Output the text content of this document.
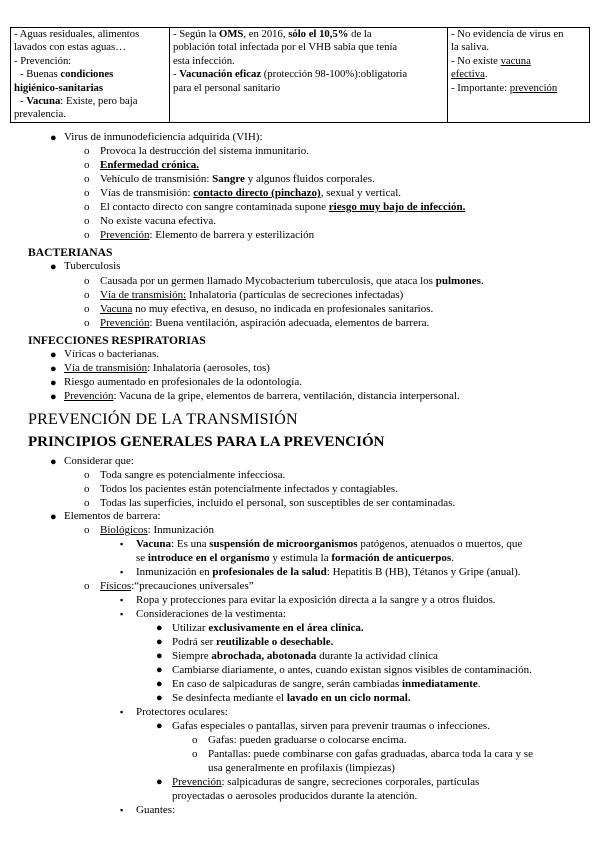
- Aguas residuales, alimentos
lavados con estas aguas…
- Prevención:
- Buenas condiciones
higiénico-sanitarias
- Vacuna: Existe, pero baja
prevalencia.

- Según la OMS, en 2016, sólo el 10,5% de la
población total infectada por el VHB sabía que tenía
esta infección.
- Vacunación eficaz (protección 98-100%):obligatoria
para el personal sanitario

- No evidencia de virus en
la saliva.
- No existe vacuna
efectiva.
- Importante: prevención
● Virus de inmunodeficiencia adquirida (VIH):
o Provoca la destrucción del sistema inmunitario.
o Enfermedad crónica.
o Vehículo de transmisión: Sangre y algunos fluidos corporales.
o Vías de transmisión: contacto directo (pinchazo), sexual y vertical.
o El contacto directo con sangre contaminada supone riesgo muy bajo de infección.
o No existe vacuna efectiva.
o Prevención: Elemento de barrera y esterilización
BACTERIANAS
● Tuberculosis
o Causada por un germen llamado Mycobacterium tuberculosis, que ataca los pulmones.
o Vía de transmisión: Inhalatoria (partículas de secreciones infectadas)
o Vacuna no muy efectiva, en desuso, no indicada en profesionales sanitarios.
o Prevención: Buena ventilación, aspiración adecuada, elementos de barrera.
INFECCIONES RESPIRATORIAS
● Víricas o bacterianas.
● Vía de transmisión: Inhalatoria (aerosoles, tos)
● Riesgo aumentado en profesionales de la odontología.
● Prevención: Vacuna de la gripe, elementos de barrera, ventilación, distancia interpersonal.
PREVENCIÓN DE LA TRANSMISIÓN
PRINCIPIOS GENERALES PARA LA PREVENCIÓN
● Considerar que:
o Toda sangre es potencialmente infecciosa.
o Todos los pacientes están potencialmente infectados y contagiables.
o Todas las superficies, incluido el personal, son susceptibles de ser contaminadas.
● Elementos de barrera:
o Biológicos: Inmunización
▪ Vacuna: Es una suspensión de microorganismos patógenos, atenuados o muertos, que
se introduce en el organismo y estimula la formación de anticuerpos.
▪ Inmunización en profesionales de la salud: Hepatitis B (HB), Tétanos y Gripe (anual).
o Físicos:“precauciones universales”
▪ Ropa y protecciones para evitar la exposición directa a la sangre y a otros fluidos.
▪ Consideraciones de la vestimenta:
● Utilizar exclusivamente en el área clínica.
● Podrá ser reutilizable o desechable.
● Siempre abrochada, abotonada durante la actividad clínica
● Cambiarse diariamente, o antes, cuando existan signos visibles de contaminación.
● En caso de salpicaduras de sangre, serán cambiadas inmediatamente.
● Se desinfecta mediante el lavado en un ciclo normal.
▪ Protectores oculares:
● Gafas especiales o pantallas, sirven para prevenir traumas o infecciones.
o Gafas: pueden graduarse o colocarse encima.
o Pantallas: puede combinarse con gafas graduadas, abarca toda la cara y se
usa generalmente en profilaxis (limpiezas)
● Prevención: salpicaduras de sangre, secreciones corporales, partículas
proyectadas o aerosoles producidos durante la atención.
▪ Guantes:
